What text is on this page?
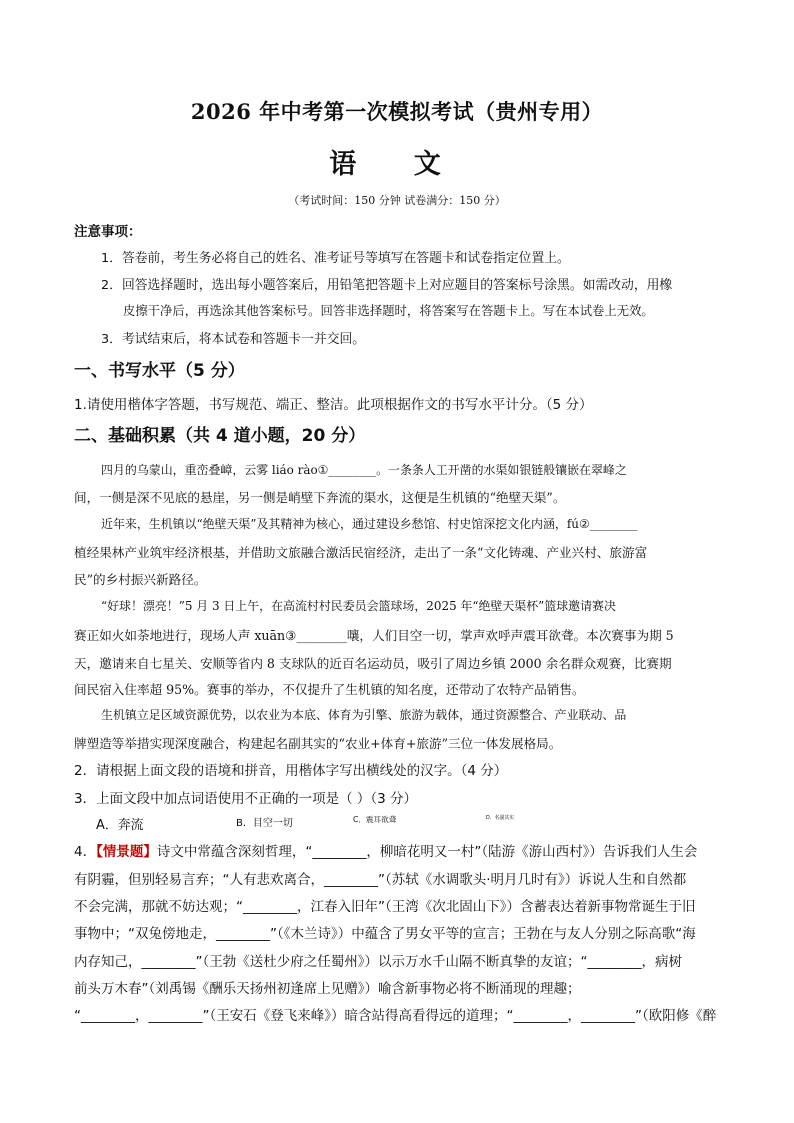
2026 年中考第一次模拟考试（贵州专用）
语 文
（考试时间：150 分钟 试卷满分：150 分）
注意事项：
1．答卷前，考生务必将自己的姓名、准考证号等填写在答题卡和试卷指定位置上。
2．回答选择题时，选出每小题答案后，用铅笔把答题卡上对应题目的答案标号涂黑。如需改动，用橡
皮擦干净后，再选涂其他答案标号。回答非选择题时，将答案写在答题卡上。写在本试卷上无效。
3．考试结束后，将本试卷和答题卡一并交回。
一、书写水平（5 分）
1.请使用楷体字答题，书写规范、端正、整洁。此项根据作文的书写水平计分。（5 分）
二、基础积累（共 4 道小题，20 分）
四月的乌蒙山，重峦叠嶂，云雾 liáo rào①________。一条条人工开凿的水渠如银链般镶嵌在翠峰之
间，一侧是深不见底的悬崖，另一侧是峭壁下奔流的渠水，这便是生机镇的“绝壁天渠”。
近年来，生机镇以“绝壁天渠”及其精神为核心，通过建设乡愁馆、村史馆深挖文化内涵，fú②________
植经果林产业筑牢经济根基，并借助文旅融合激活民宿经济，走出了一条“文化铸魂、产业兴村、旅游富
民”的乡村振兴新路径。
“好球！漂亮！”5 月 3 日上午，在高流村村民委员会篮球场，2025 年“绝壁天渠杯”篮球邀请赛决
赛正如火如荼地进行，现场人声 xuān③________嚷，人们目空一切，掌声欢呼声震耳欲聋。本次赛事为期 5
天，邀请来自七星关、安顺等省内 8 支球队的近百名运动员，吸引了周边乡镇 2000 余名群众观赛，比赛期
间民宿入住率超 95%。赛事的举办，不仅提升了生机镇的知名度，还带动了农特产品销售。
生机镇立足区域资源优势，以农业为本底、体育为引擎、旅游为载体，通过资源整合、产业联动、品
牌塑造等举措实现深度融合，构建起名副其实的“农业+体育+旅游”三位一体发展格局。
2．请根据上面文段的语境和拼音，用楷体字写出横线处的汉字。（4 分）
3．上面文段中加点词语使用不正确的一项是（ ）（3 分）
A．奔流	B．目空一切	C．震耳欲聋	D．名副其实
4．【情景题】诗文中常蕴含深刻哲理，“________，柳暗花明又一村”（陆游《游山西村》）告诉我们人生会
有阴霾，但别轻易言弃；“人有悲欢离合，________”（苏轼《水调歌头·明月几时有》）诉说人生和自然都
不会完满，那就不妨达观；“________，江春入旧年”（王湾《次北固山下》）含蓄表达着新事物常诞生于旧
事物中；“双兔傍地走，________”（《木兰诗》）中蕴含了男女平等的宣言；王勃在与友人分别之际高歌“海
内存知己，________”（王勃《送杜少府之任蜀州》）以示万水千山隔不断真挚的友谊；“________，病树
前头万木春”（刘禹锡《酬乐天扬州初逢席上见赠》）喻含新事物必将不断涌现的理趣；
“________，________”（王安石《登飞来峰》）暗含站得高看得远的道理；“________，________”（欧阳修《醉
